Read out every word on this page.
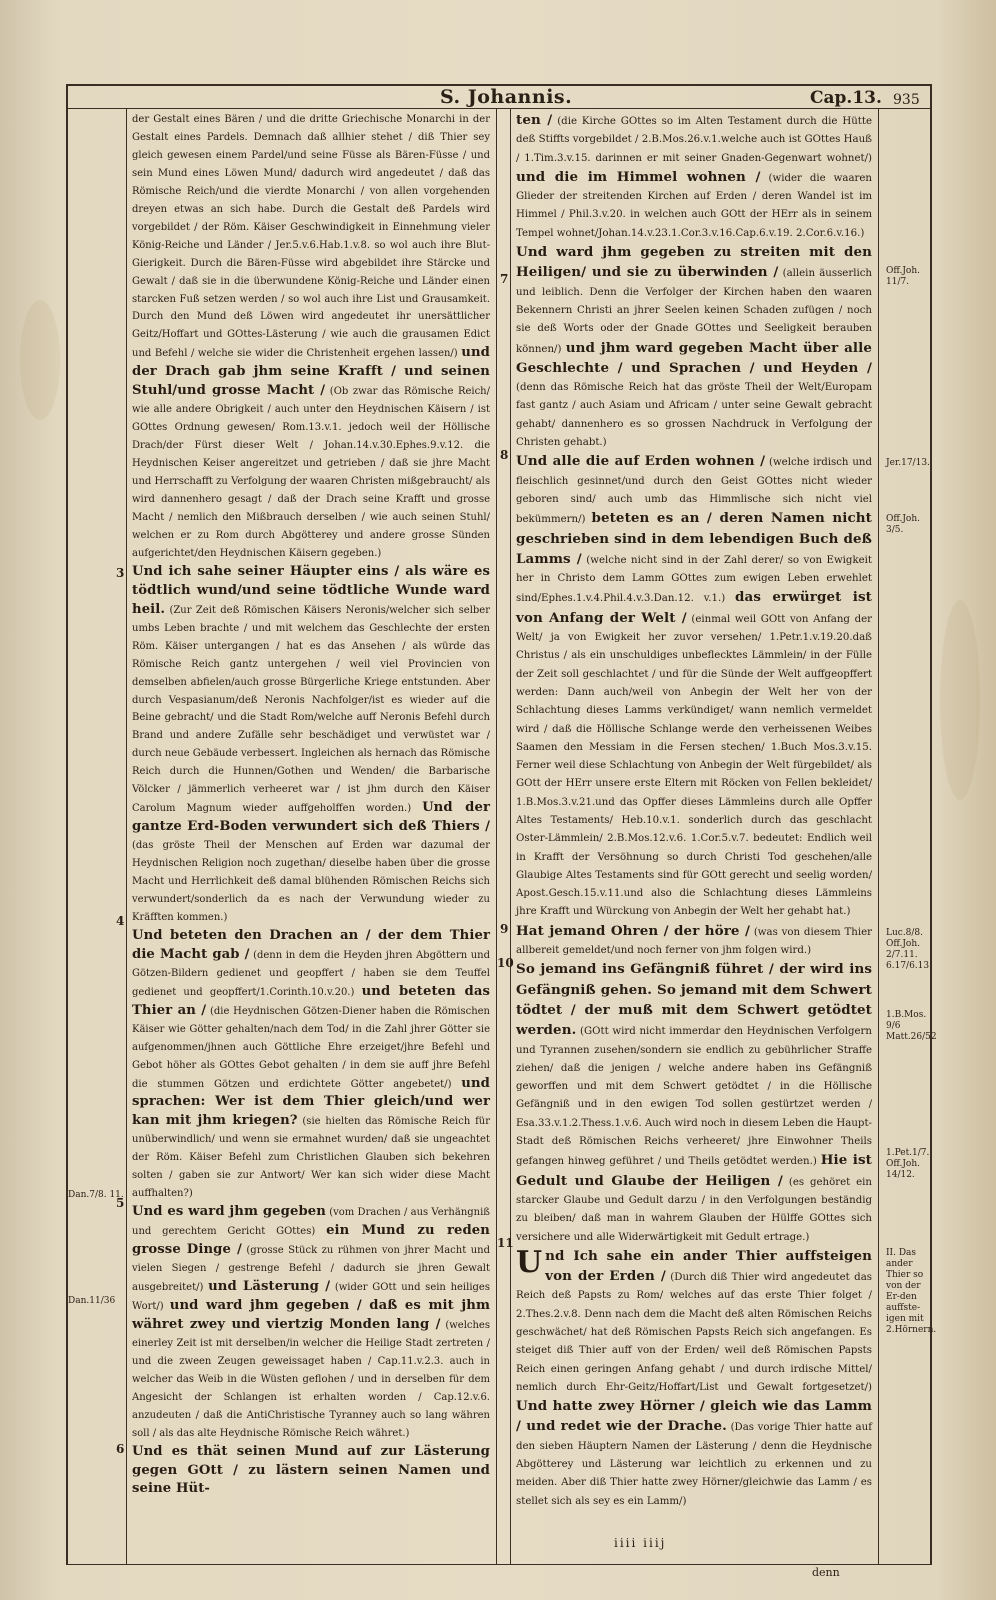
S. Johannis.	Cap.13. 935
3
4
5
6
7
8
9
10
11
Dan.7/8. 11.
Dan.11/36
Off.Joh. 11/7.
Jer.17/13.
Off.Joh. 3/5.
Luc.8/8. Off.Joh. 2/7.11. 6.17/6.13.
1.B.Mos. 9/6 Matt.26/52
1.Pet.1/7. Off.Joh. 14/12.
II. Das ander Thier so von der Er-den auffste-igen mit 2.Hörnern.

der Gestalt eines Bären / und die dritte Griechische Monarchi in der Gestalt eines Pardels. Demnach daß allhier stehet / diß Thier sey gleich gewesen einem Pardel/und seine Füsse als Bären-Füsse / und sein Mund eines Löwen Mund/ dadurch wird angedeutet / daß das Römische Reich/und die vierdte Monarchi / von allen vorgehenden dreyen etwas an sich habe. Durch die Gestalt deß Pardels wird vorgebildet / der Röm. Käiser Geschwindigkeit in Einnehmung vieler König-Reiche und Länder / Jer.5.v.6.Hab.1.v.8. so wol auch ihre Blut-Gierigkeit. Durch die Bären-Füsse wird abgebildet ihre Stärcke und Gewalt / daß sie in die überwundene König-Reiche und Länder einen starcken Fuß setzen werden / so wol auch ihre List und Grausamkeit. Durch den Mund deß Löwen wird angedeutet ihr unersättlicher Geitz/Hoffart und GOttes-Lästerung / wie auch die grausamen Edict und Befehl / welche sie wider die Christenheit ergehen lassen/) und der Drach gab jhm seine Krafft / und seinen Stuhl/und grosse Macht / (Ob zwar das Römische Reich/ wie alle andere Obrigkeit / auch unter den Heydnischen Käisern / ist GOttes Ordnung gewesen/ Rom.13.v.1. jedoch weil der Höllische Drach/der Fürst dieser Welt / Johan.14.v.30.Ephes.9.v.12. die Heydnischen Keiser angereitzet und getrieben / daß sie jhre Macht und Herrschafft zu Verfolgung der waaren Christen mißgebraucht/ als wird dannenhero gesagt / daß der Drach seine Krafft und grosse Macht / nemlich den Mißbrauch derselben / wie auch seinen Stuhl/ welchen er zu Rom durch Abgötterey und andere grosse Sünden aufgerichtet/den Heydnischen Käisern gegeben.)

Und ich sahe seiner Häupter eins / als wäre es tödtlich wund/und seine tödtliche Wunde ward heil. (Zur Zeit deß Römischen Käisers Neronis/welcher sich selber umbs Leben brachte / und mit welchem das Geschlechte der ersten Röm. Käiser untergangen / hat es das Ansehen / als würde das Römische Reich gantz untergehen / weil viel Provincien von demselben abfielen/auch grosse Bürgerliche Kriege entstunden. Aber durch Vespasianum/deß Neronis Nachfolger/ist es wieder auf die Beine gebracht/ und die Stadt Rom/welche auff Neronis Befehl durch Brand und andere Zufälle sehr beschädiget und verwüstet war / durch neue Gebäude verbessert. Ingleichen als hernach das Römische Reich durch die Hunnen/Gothen und Wenden/ die Barbarische Völcker / jämmerlich verheeret war / ist jhm durch den Käiser Carolum Magnum wieder auffgeholffen worden.) Und der gantze Erd-Boden verwundert sich deß Thiers / (das gröste Theil der Menschen auf Erden war dazumal der Heydnischen Religion noch zugethan/ dieselbe haben über die grosse Macht und Herrlichkeit deß damal blühenden Römischen Reichs sich verwundert/sonderlich da es nach der Verwundung wieder zu Kräfften kommen.)

Und beteten den Drachen an / der dem Thier die Macht gab / (denn in dem die Heyden jhren Abgöttern und Götzen-Bildern gedienet und geopffert / haben sie dem Teuffel gedienet und geopffert/1.Corinth.10.v.20.) und beteten das Thier an / (die Heydnischen Götzen-Diener haben die Römischen Käiser wie Götter gehalten/nach dem Tod/ in die Zahl jhrer Götter sie aufgenommen/jhnen auch Göttliche Ehre erzeiget/jhre Befehl und Gebot höher als GOttes Gebot gehalten / in dem sie auff jhre Befehl die stummen Götzen und erdichtete Götter angebetet/) und sprachen: Wer ist dem Thier gleich/und wer kan mit jhm kriegen? (sie hielten das Römische Reich für unüberwindlich/ und wenn sie ermahnet wurden/ daß sie ungeachtet der Röm. Käiser Befehl zum Christlichen Glauben sich bekehren solten / gaben sie zur Antwort/ Wer kan sich wider diese Macht auffhalten?)

Und es ward jhm gegeben (vom Drachen / aus Verhängniß und gerechtem Gericht GOttes) ein Mund zu reden grosse Dinge / (grosse Stück zu rühmen von jhrer Macht und vielen Siegen / gestrenge Befehl / dadurch sie jhren Gewalt ausgebreitet/) und Lästerung / (wider GOtt und sein heiliges Wort/) und ward jhm gegeben / daß es mit jhm währet zwey und viertzig Monden lang / (welches einerley Zeit ist mit derselben/in welcher die Heilige Stadt zertreten / und die zween Zeugen geweissaget haben / Cap.11.v.2.3. auch in welcher das Weib in die Wüsten geflohen / und in derselben für dem Angesicht der Schlangen ist erhalten worden / Cap.12.v.6. anzudeuten / daß die AntiChristische Tyranney auch so lang währen soll / als das alte Heydnische Römische Reich währet.)

Und es thät seinen Mund auf zur Lästerung gegen GOtt / zu lästern seinen Namen und seine Hüt-

ten / (die Kirche GOttes so im Alten Testament durch die Hütte deß Stiffts vorgebildet / 2.B.Mos.26.v.1.welche auch ist GOttes Hauß / 1.Tim.3.v.15. darinnen er mit seiner Gnaden-Gegenwart wohnet/) und die im Himmel wohnen / (wider die waaren Glieder der streitenden Kirchen auf Erden / deren Wandel ist im Himmel / Phil.3.v.20. in welchen auch GOtt der HErr als in seinem Tempel wohnet/Johan.14.v.23.1.Cor.3.v.16.Cap.6.v.19. 2.Cor.6.v.16.)

Und ward jhm gegeben zu streiten mit den Heiligen/ und sie zu überwinden / (allein äusserlich und leiblich. Denn die Verfolger der Kirchen haben den waaren Bekennern Christi an jhrer Seelen keinen Schaden zufügen / noch sie deß Worts oder der Gnade GOttes und Seeligkeit berauben können/) und jhm ward gegeben Macht über alle Geschlechte / und Sprachen / und Heyden / (denn das Römische Reich hat das gröste Theil der Welt/Europam fast gantz / auch Asiam und Africam / unter seine Gewalt gebracht gehabt/ dannenhero es so grossen Nachdruck in Verfolgung der Christen gehabt.)

Und alle die auf Erden wohnen / (welche irdisch und fleischlich gesinnet/und durch den Geist GOttes nicht wieder geboren sind/ auch umb das Himmlische sich nicht viel bekümmern/) beteten es an / deren Namen nicht geschrieben sind in dem lebendigen Buch deß Lamms / (welche nicht sind in der Zahl derer/ so von Ewigkeit her in Christo dem Lamm GOttes zum ewigen Leben erwehlet sind/Ephes.1.v.4.Phil.4.v.3.Dan.12. v.1.) das erwürget ist von Anfang der Welt / (einmal weil GOtt von Anfang der Welt/ ja von Ewigkeit her zuvor versehen/ 1.Petr.1.v.19.20.daß Christus / als ein unschuldiges unbeflecktes Lämmlein/ in der Fülle der Zeit soll geschlachtet / und für die Sünde der Welt auffgeopffert werden: Dann auch/weil von Anbegin der Welt her von der Schlachtung dieses Lamms verkündiget/ wann nemlich vermeldet wird / daß die Höllische Schlange werde den verheissenen Weibes Saamen den Messiam in die Fersen stechen/ 1.Buch Mos.3.v.15. Ferner weil diese Schlachtung von Anbegin der Welt fürgebildet/ als GOtt der HErr unsere erste Eltern mit Röcken von Fellen bekleidet/ 1.B.Mos.3.v.21.und das Opffer dieses Lämmleins durch alle Opffer Altes Testaments/ Heb.10.v.1. sonderlich durch das geschlacht Oster-Lämmlein/ 2.B.Mos.12.v.6. 1.Cor.5.v.7. bedeutet: Endlich weil in Krafft der Versöhnung so durch Christi Tod geschehen/alle Glaubige Altes Testaments sind für GOtt gerecht und seelig worden/ Apost.Gesch.15.v.11.und also die Schlachtung dieses Lämmleins jhre Krafft und Würckung von Anbegin der Welt her gehabt hat.)

Hat jemand Ohren / der höre / (was von diesem Thier allbereit gemeldet/und noch ferner von jhm folgen wird.)

So jemand ins Gefängniß führet / der wird ins Gefängniß gehen. So jemand mit dem Schwert tödtet / der muß mit dem Schwert getödtet werden. (GOtt wird nicht immerdar den Heydnischen Verfolgern und Tyrannen zusehen/sondern sie endlich zu gebührlicher Straffe ziehen/ daß die jenigen / welche andere haben ins Gefängniß geworffen und mit dem Schwert getödtet / in die Höllische Gefängniß und in den ewigen Tod sollen gestürtzet werden / Esa.33.v.1.2.Thess.1.v.6. Auch wird noch in diesem Leben die Haupt-Stadt deß Römischen Reichs verheeret/ jhre Einwohner Theils gefangen hinweg geführet / und Theils getödtet werden.) Hie ist Gedult und Glaube der Heiligen / (es gehöret ein starcker Glaube und Gedult darzu / in den Verfolgungen beständig zu bleiben/ daß man in wahrem Glauben der Hülffe GOttes sich versichere und alle Widerwärtigkeit mit Gedult ertrage.)

U nd Ich sahe ein ander Thier auffsteigen von der Erden / (Durch diß Thier wird angedeutet das Reich deß Papsts zu Rom/ welches auf das erste Thier folget / 2.Thes.2.v.8. Denn nach dem die Macht deß alten Römischen Reichs geschwächet/ hat deß Römischen Papsts Reich sich angefangen. Es steiget diß Thier auff von der Erden/ weil deß Römischen Papsts Reich einen geringen Anfang gehabt / und durch irdische Mittel/ nemlich durch Ehr-Geitz/Hoffart/List und Gewalt fortgesetzet/) Und hatte zwey Hörner / gleich wie das Lamm / und redet wie der Drache. (Das vorige Thier hatte auf den sieben Häuptern Namen der Lästerung / denn die Heydnische Abgötterey und Lästerung war leichtlich zu erkennen und zu meiden. Aber diß Thier hatte zwey Hörner/gleichwie das Lamm / es stellet sich als sey es ein Lamm/)

iiii iiij
denn
